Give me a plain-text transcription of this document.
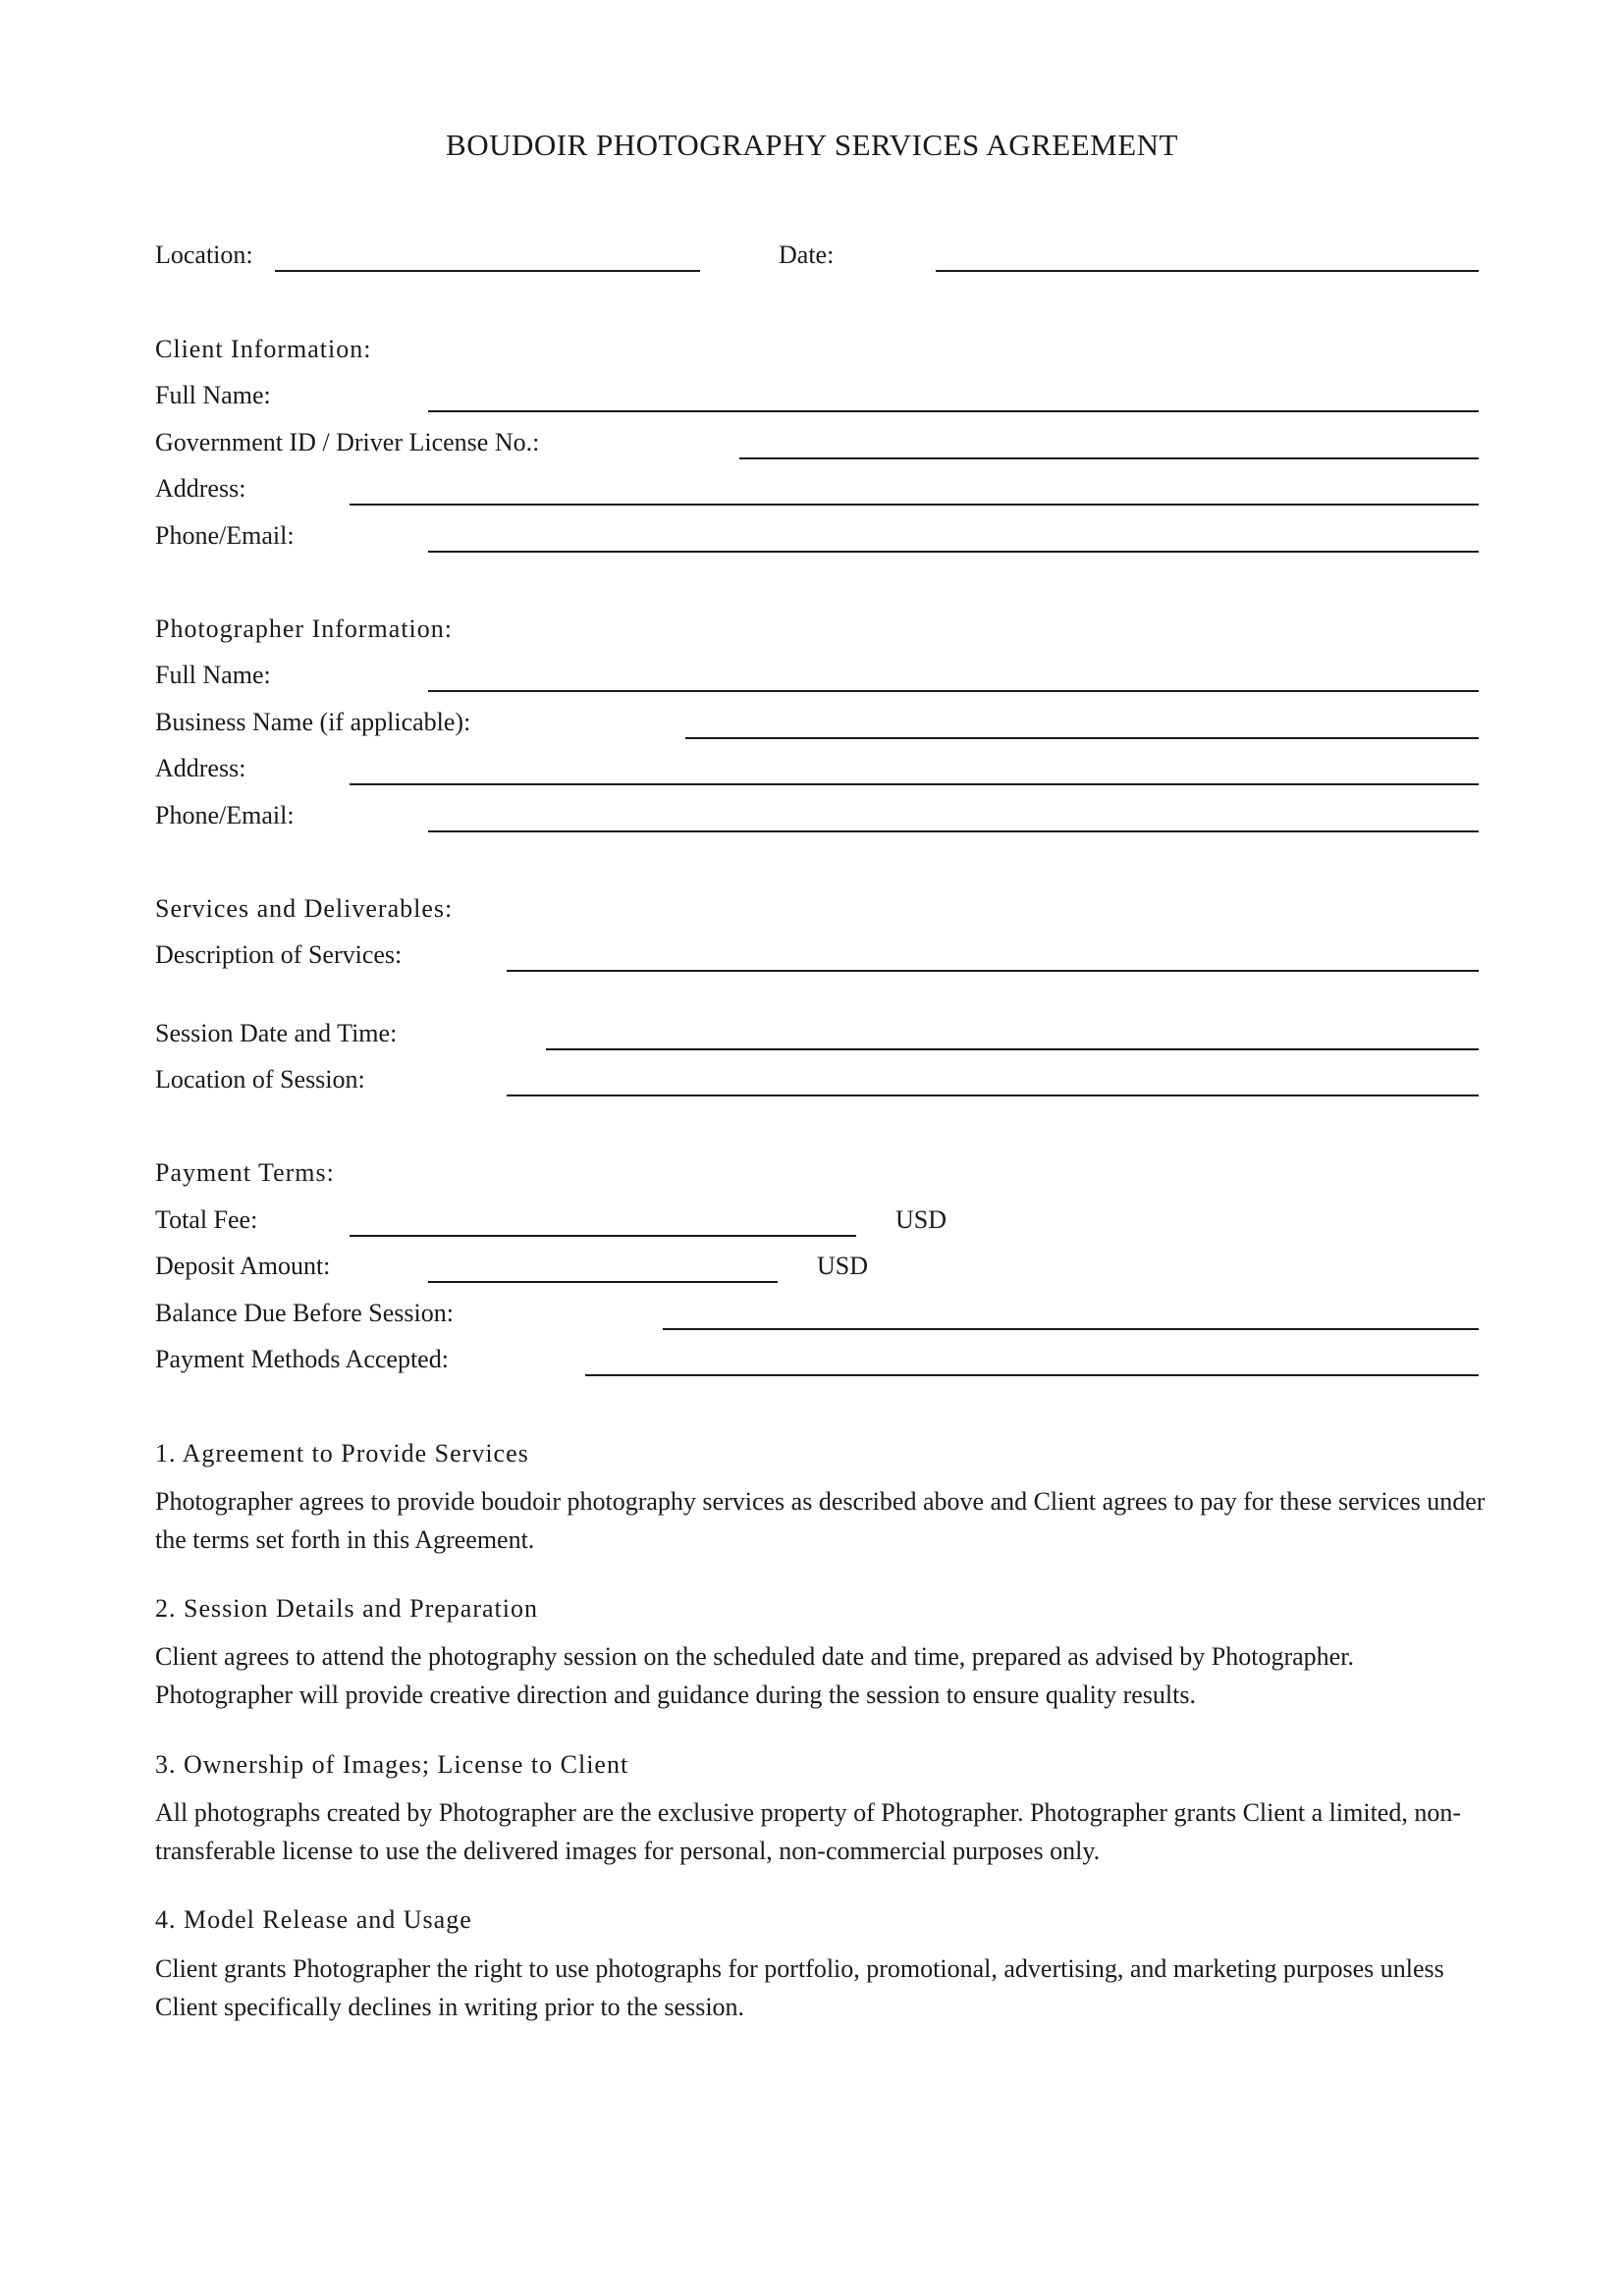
BOUDOIR PHOTOGRAPHY SERVICES AGREEMENT
Location:	Date:
Client Information:
Full Name:
Government ID / Driver License No.:
Address:
Phone/Email:
Photographer Information:
Full Name:
Business Name (if applicable):
Address:
Phone/Email:
Services and Deliverables:
Description of Services:
Session Date and Time:
Location of Session:
Payment Terms:
Total Fee:	USD
Deposit Amount:	USD
Balance Due Before Session:
Payment Methods Accepted:
1. Agreement to Provide Services
Photographer agrees to provide boudoir photography services as described above and Client agrees to pay for these services under the terms set forth in this Agreement.
2. Session Details and Preparation
Client agrees to attend the photography session on the scheduled date and time, prepared as advised by Photographer. Photographer will provide creative direction and guidance during the session to ensure quality results.
3. Ownership of Images; License to Client
All photographs created by Photographer are the exclusive property of Photographer. Photographer grants Client a limited, non-transferable license to use the delivered images for personal, non-commercial purposes only.
4. Model Release and Usage
Client grants Photographer the right to use photographs for portfolio, promotional, advertising, and marketing purposes unless Client specifically declines in writing prior to the session.
